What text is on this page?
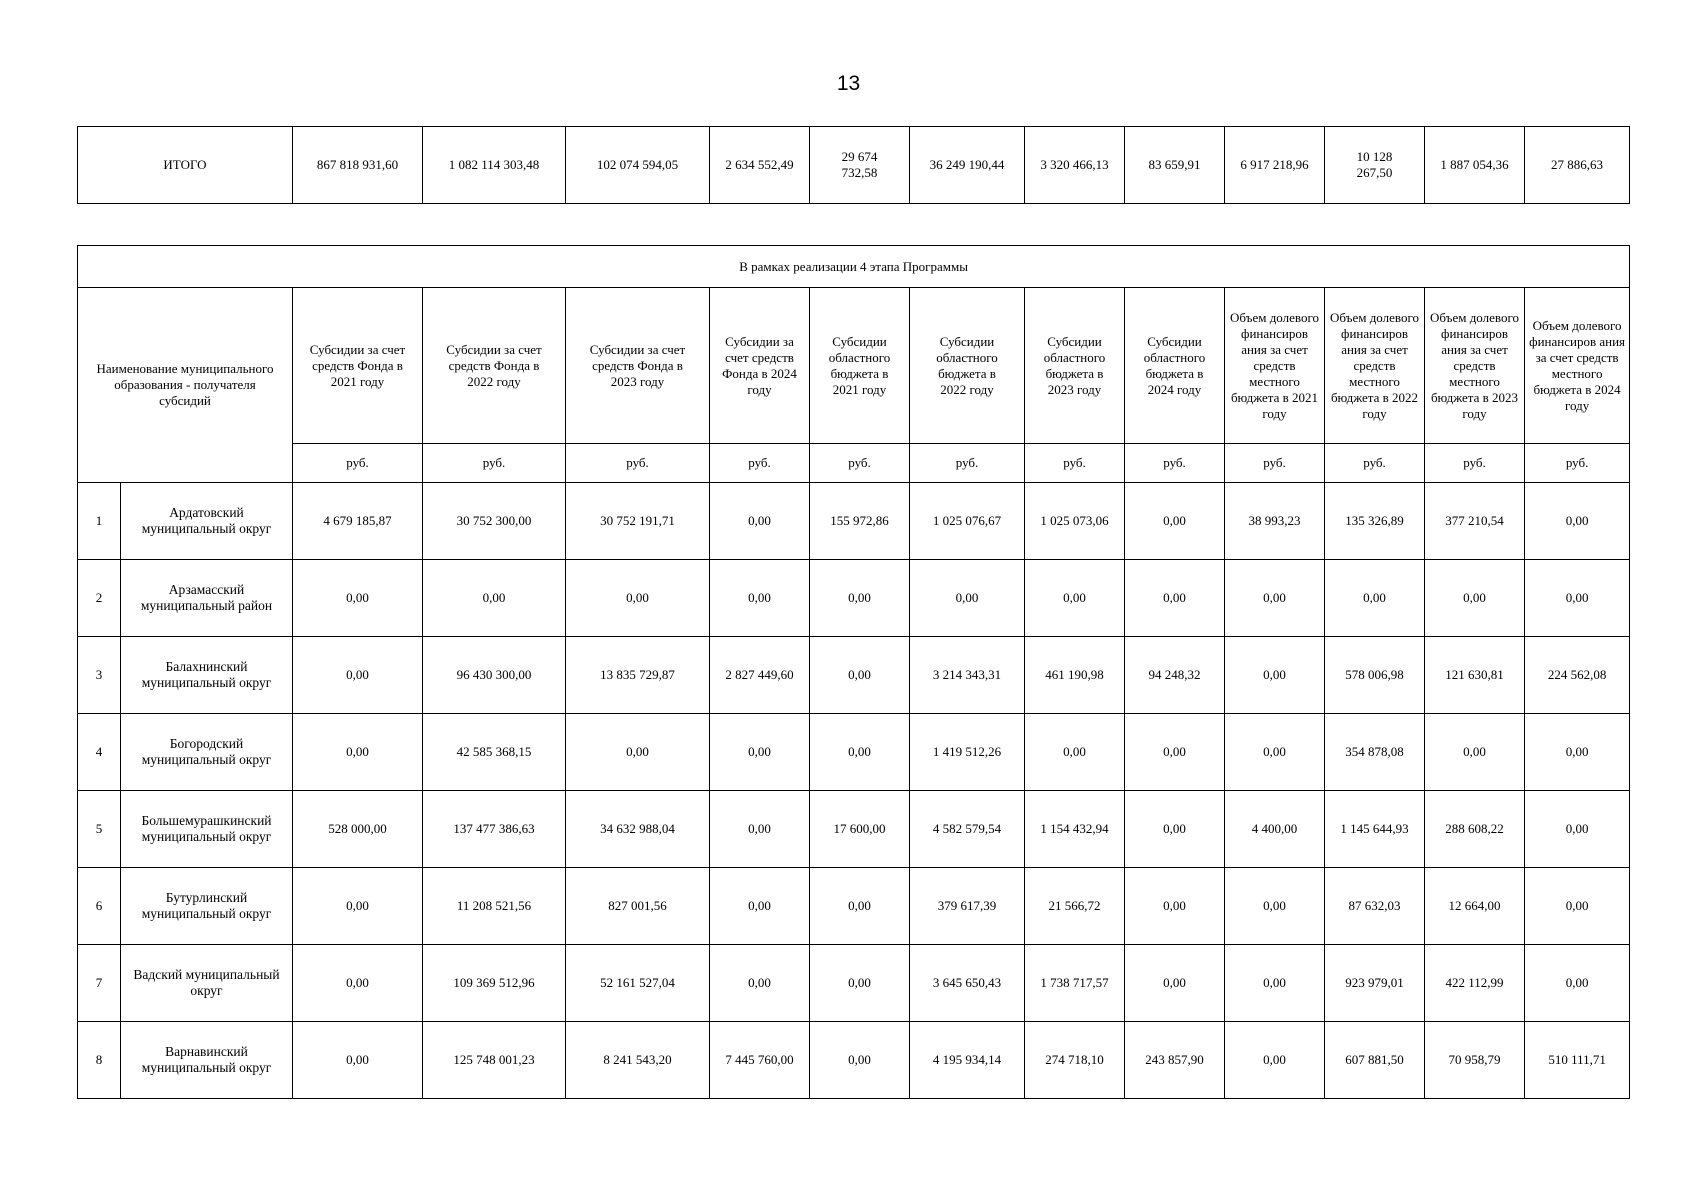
13
ИТОГО	867 818 931,60	1 082 114 303,48	102 074 594,05	2 634 552,49	29 674 732,58	36 249 190,44	3 320 466,13	83 659,91	6 917 218,96	10 128 267,50	1 887 054,36	27 886,63
В рамках реализации 4 этапа Программы													
Наименование муниципального образования - получателя субсидий		Субсидии за счет средств Фонда в 2021 году	Субсидии за счет средств Фонда в 2022 году	Субсидии за счет средств Фонда в 2023 году	Субсидии за счет средств Фонда в 2024 году	Субсидии областного бюджета в 2021 году	Субсидии областного бюджета в 2022 году	Субсидии областного бюджета в 2023 году	Субсидии областного бюджета в 2024 году	Объем долевого финансиров ания за счет средств местного бюджета в 2021 году	Объем долевого финансиров ания за счет средств местного бюджета в 2022 году	Объем долевого финансиров ания за счет средств местного бюджета в 2023 году	Объем долевого финансиров ания за счет средств местного бюджета в 2024 году
		руб.	руб.	руб.	руб.	руб.	руб.	руб.	руб.	руб.	руб.	руб.	руб.
1	Ардатовский муниципальный округ	4 679 185,87	30 752 300,00	30 752 191,71	0,00	155 972,86	1 025 076,67	1 025 073,06	0,00	38 993,23	135 326,89	377 210,54	0,00
2	Арзамасский муниципальный район	0,00	0,00	0,00	0,00	0,00	0,00	0,00	0,00	0,00	0,00	0,00	0,00
3	Балахнинский муниципальный округ	0,00	96 430 300,00	13 835 729,87	2 827 449,60	0,00	3 214 343,31	461 190,98	94 248,32	0,00	578 006,98	121 630,81	224 562,08
4	Богородский муниципальный округ	0,00	42 585 368,15	0,00	0,00	0,00	1 419 512,26	0,00	0,00	0,00	354 878,08	0,00	0,00
5	Большемурашкинский муниципальный округ	528 000,00	137 477 386,63	34 632 988,04	0,00	17 600,00	4 582 579,54	1 154 432,94	0,00	4 400,00	1 145 644,93	288 608,22	0,00
6	Бутурлинский муниципальный округ	0,00	11 208 521,56	827 001,56	0,00	0,00	379 617,39	21 566,72	0,00	0,00	87 632,03	12 664,00	0,00
7	Вадский муниципальный округ	0,00	109 369 512,96	52 161 527,04	0,00	0,00	3 645 650,43	1 738 717,57	0,00	0,00	923 979,01	422 112,99	0,00
8	Варнавинский муниципальный округ	0,00	125 748 001,23	8 241 543,20	7 445 760,00	0,00	4 195 934,14	274 718,10	243 857,90	0,00	607 881,50	70 958,79	510 111,71
